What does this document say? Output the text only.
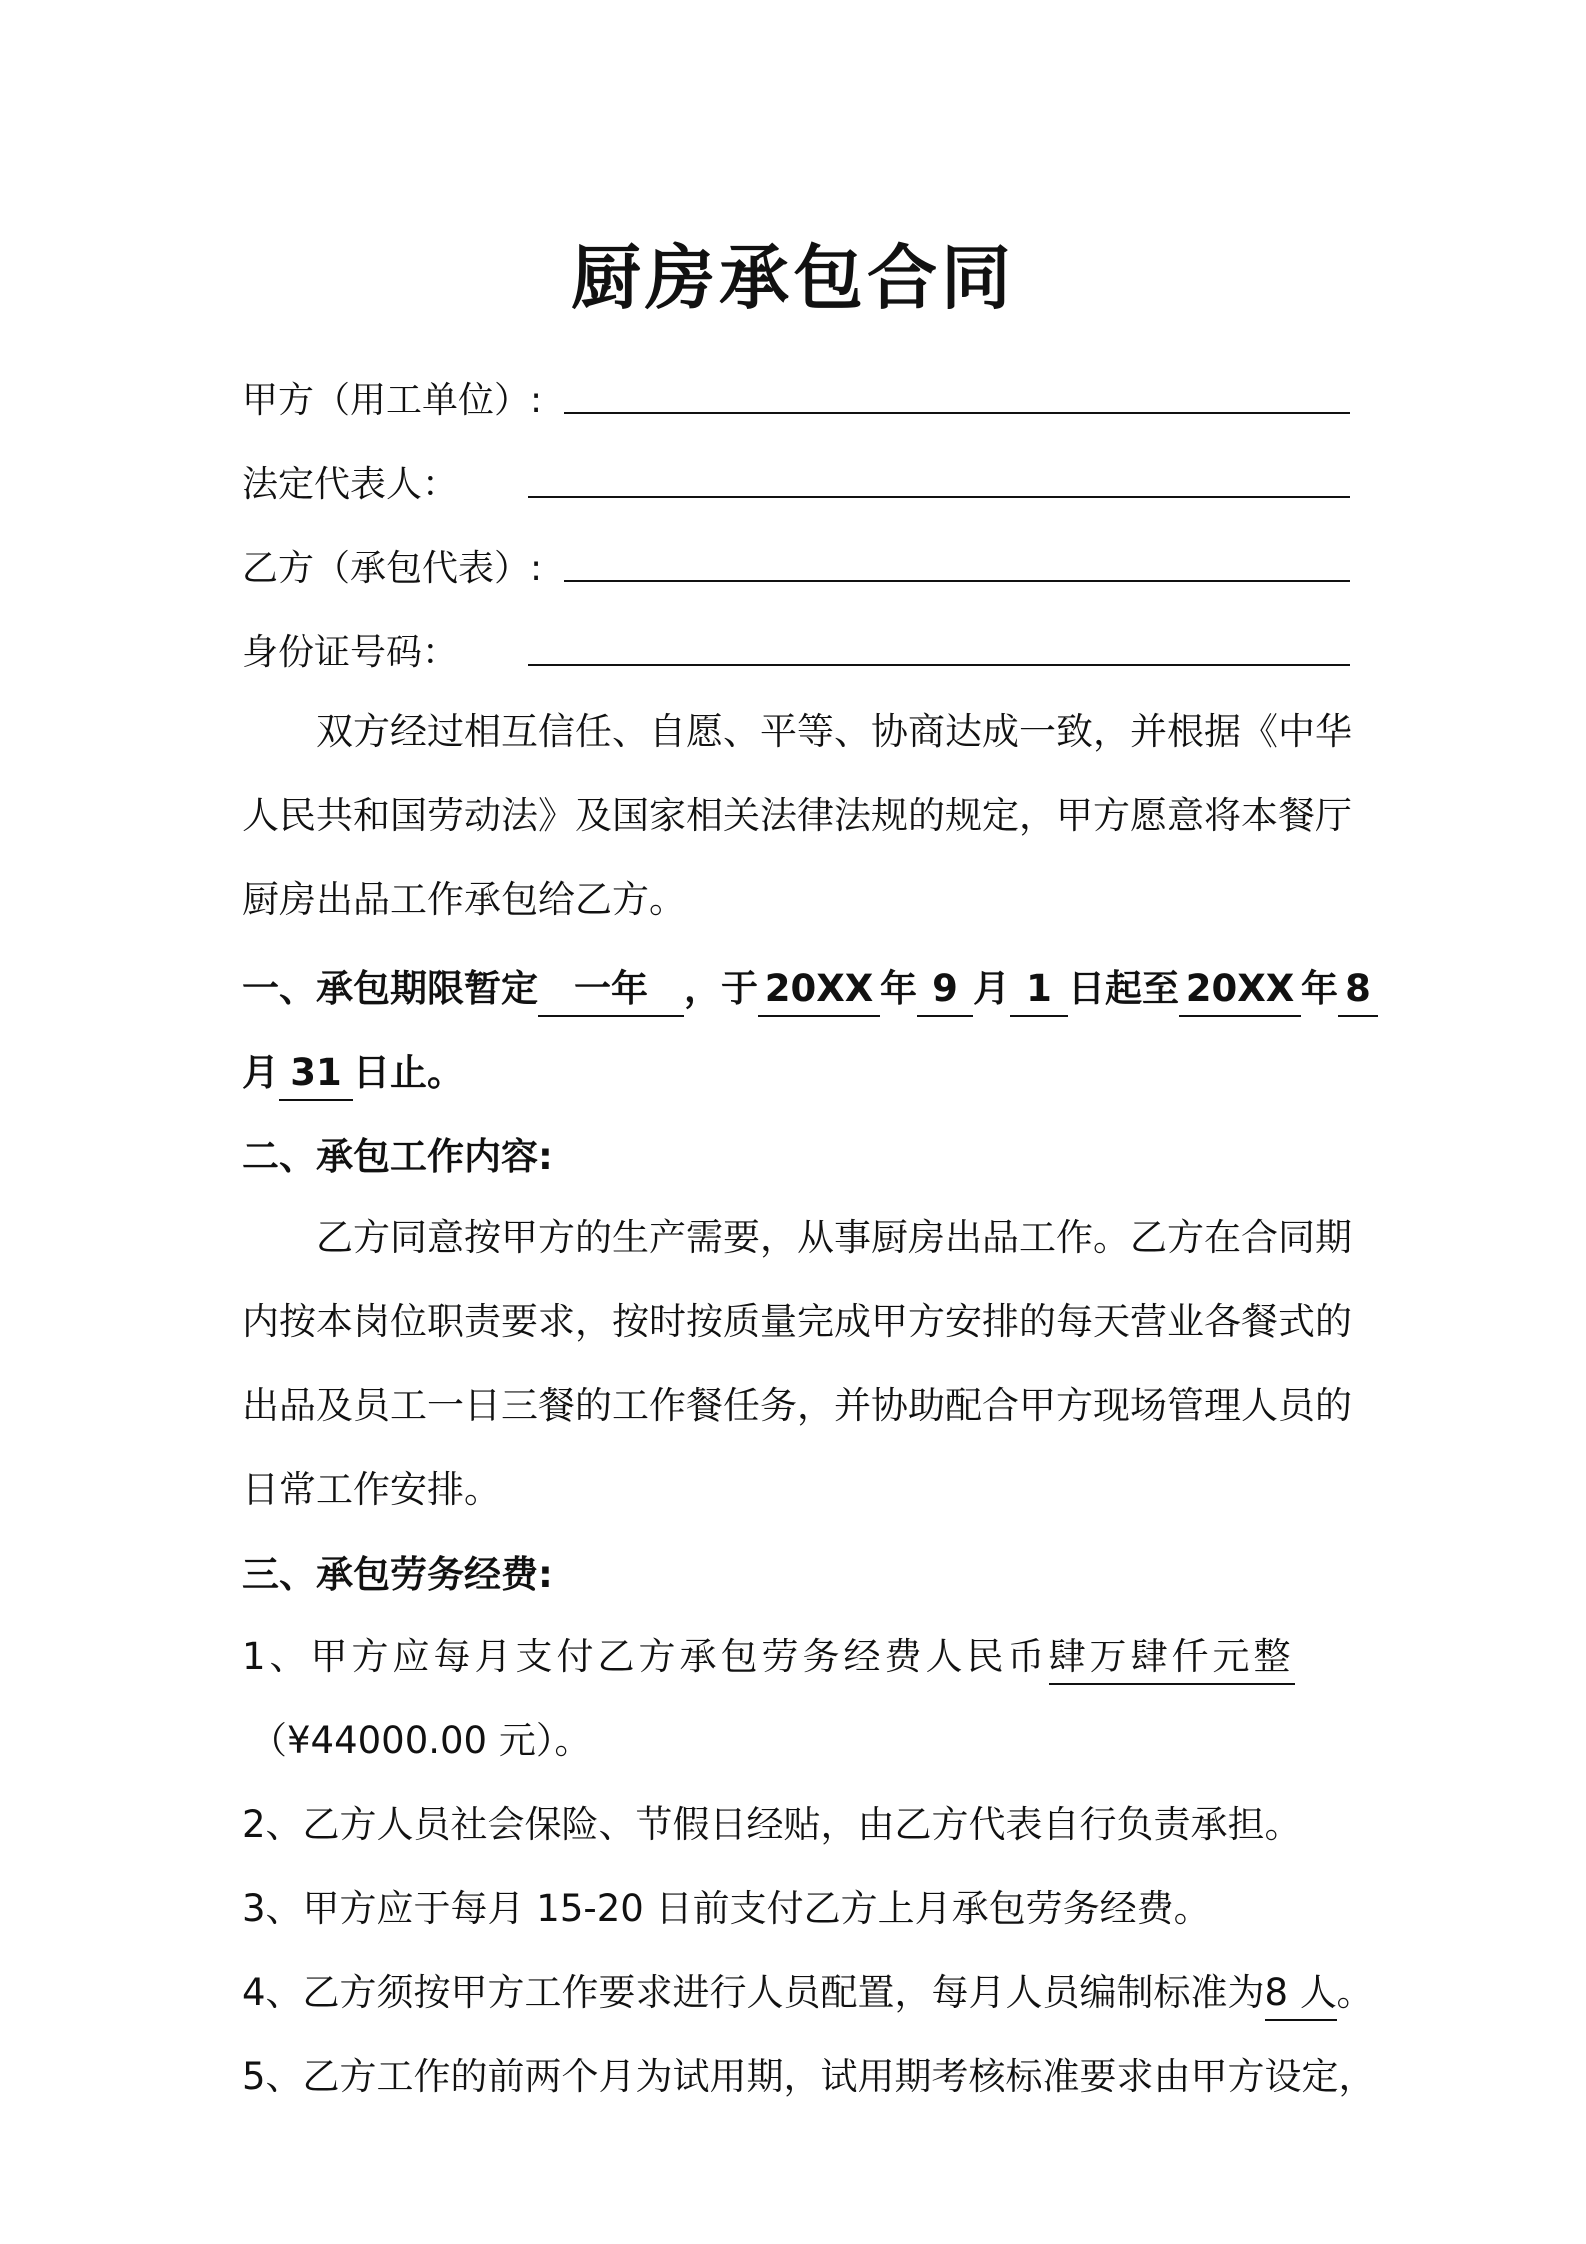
厨房承包合同
甲方（用工单位）:
法定代表人：
乙方（承包代表）:
身份证号码：

双方经过相互信任、自愿、平等、协商达成一致，并根据《中华人民共和国劳动法》及国家相关法律法规的规定，甲方愿意将本餐厅厨房出品工作承包给乙方。

一、承包期限暂定 一年 ，于 20XX 年 9 月 1 日起至 20XX 年 8
月 31 日止。
二、承包工作内容:

乙方同意按甲方的生产需要，从事厨房出品工作。乙方在合同期内按本岗位职责要求，按时按质量完成甲方安排的每天营业各餐式的出品及员工一日三餐的工作餐任务，并协助配合甲方现场管理人员的日常工作安排。

三、承包劳务经费:
1、甲方应每月支付乙方承包劳务经费人民币肆万肆仟元整
（¥44000.00 元）。
2、乙方人员社会保险、节假日经贴，由乙方代表自行负责承担。
3、甲方应于每月 15-20 日前支付乙方上月承包劳务经费。
4、乙方须按甲方工作要求进行人员配置，每月人员编制标准为8 人。
5、乙方工作的前两个月为试用期，试用期考核标准要求由甲方设定，
